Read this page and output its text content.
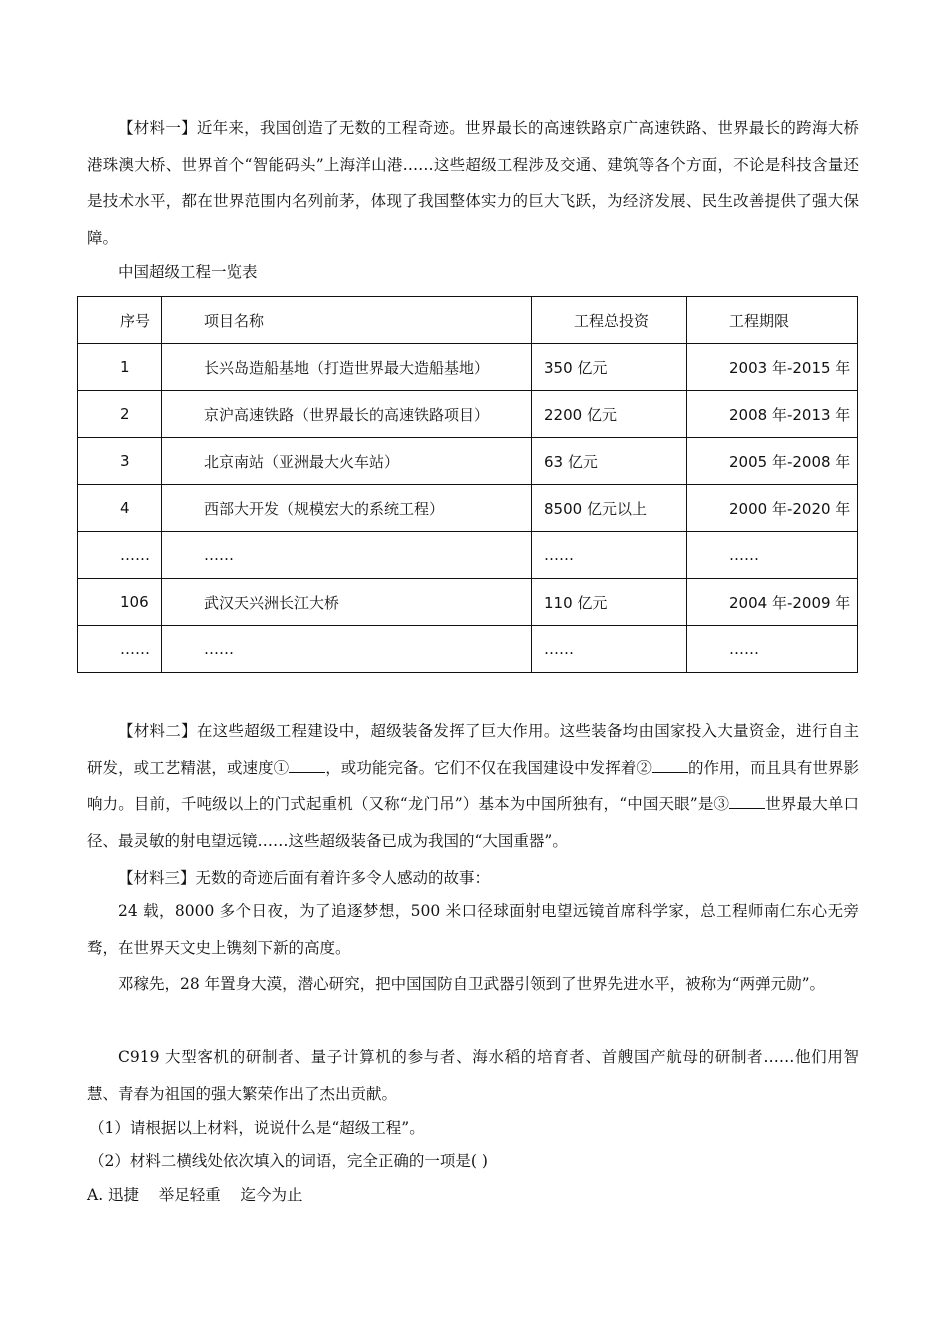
【材料一】近年来，我国创造了无数的工程奇迹。世界最长的高速铁路京广高速铁路、世界最长的跨海大桥港珠澳大桥、世界首个“智能码头”上海洋山港……这些超级工程涉及交通、建筑等各个方面，不论是科技含量还是技术水平，都在世界范围内名列前茅，体现了我国整体实力的巨大飞跃，为经济发展、民生改善提供了强大保障。

中国超级工程一览表

序号	项目名称	工程总投资	工程期限
1	长兴岛造船基地（打造世界最大造船基地）	350 亿元	2003 年-2015 年
2	京沪高速铁路（世界最长的高速铁路项目）	2200 亿元	2008 年-2013 年
3	北京南站（亚洲最大火车站）	63 亿元	2005 年-2008 年
4	西部大开发（规模宏大的系统工程）	8500 亿元以上	2000 年-2020 年
……	……	……	……
106	武汉天兴洲长江大桥	110 亿元	2004 年-2009 年
……	……	……	……

【材料二】在这些超级工程建设中，超级装备发挥了巨大作用。这些装备均由国家投入大量资金，进行自主研发，或工艺精湛，或速度① ，或功能完备。它们不仅在我国建设中发挥着② 的作用，而且具有世界影响力。目前，千吨级以上的门式起重机（又称“龙门吊”）基本为中国所独有，“中国天眼”是③ 世界最大单口径、最灵敏的射电望远镜……这些超级装备已成为我国的“大国重器”。

【材料三】无数的奇迹后面有着许多令人感动的故事：

24 载，8000 多个日夜，为了追逐梦想，500 米口径球面射电望远镜首席科学家，总工程师南仁东心无旁骛，在世界天文史上镌刻下新的高度。

邓稼先，28 年置身大漠，潜心研究，把中国国防自卫武器引领到了世界先进水平，被称为“两弹元勋”。

C919 大型客机的研制者、量子计算机的参与者、海水稻的培育者、首艘国产航母的研制者……他们用智慧、青春为祖国的强大繁荣作出了杰出贡献。

（1）请根据以上材料，说说什么是“超级工程”。

（2）材料二横线处依次填入的词语，完全正确的一项是( )

A. 迅捷    举足轻重    迄今为止
